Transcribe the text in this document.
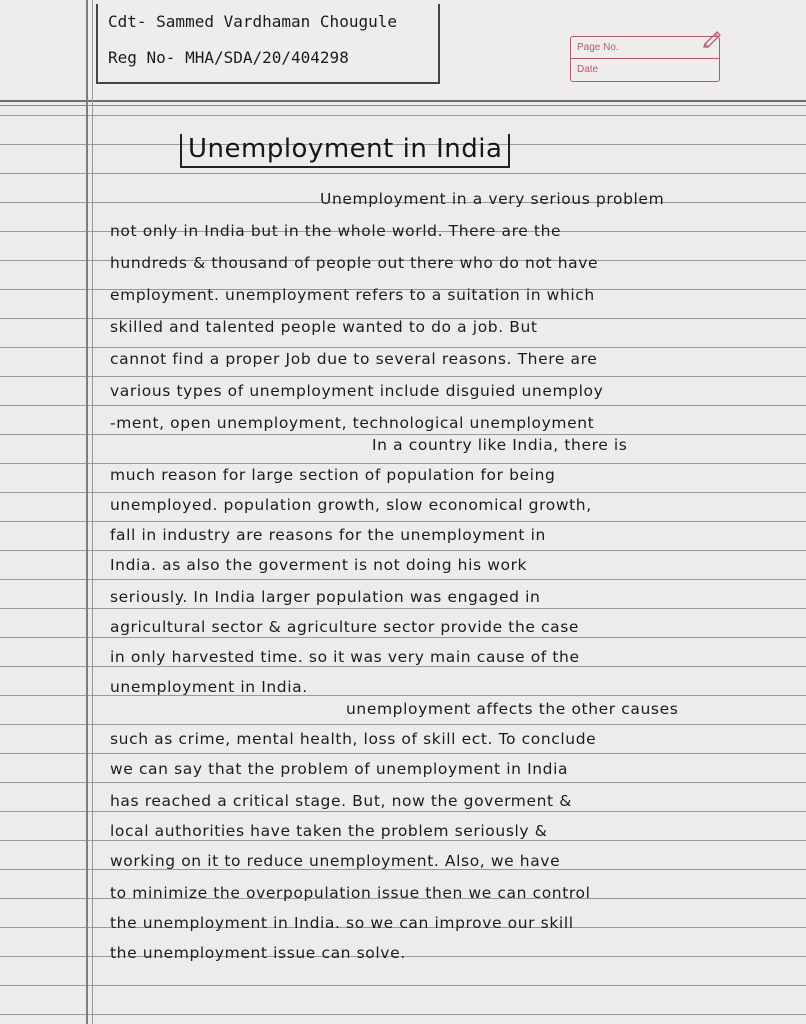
Cdt- Sammed Vardhaman Chougule
Reg No- MHA/SDA/20/404298
Page No.
Date
Unemployment in India
Unemployment in a very serious problem
not only in India but in the whole world. There are the
hundreds & thousand of people out there who do not have
employment. unemployment refers to a suitation in which
skilled and talented people wanted to do a job. But
cannot find a proper Job due to several reasons. There are
various types of unemployment include disguied unemploy
-ment, open unemployment, technological unemployment
In a country like India, there is
much reason for large section of population for being
unemployed. population growth, slow economical growth,
fall in industry are reasons for the unemployment in
India. as also the goverment is not doing his work
seriously. In India larger population was engaged in
agricultural sector & agriculture sector provide the case
in only harvested time. so it was very main cause of the
unemployment in India.
unemployment affects the other causes
such as crime, mental health, loss of skill ect. To conclude
we can say that the problem of unemployment in India
has reached a critical stage. But, now the goverment &
local authorities have taken the problem seriously &
working on it to reduce unemployment. Also, we have
to minimize the overpopulation issue then we can control
the unemployment in India. so we can improve our skill
the unemployment issue can solve.
